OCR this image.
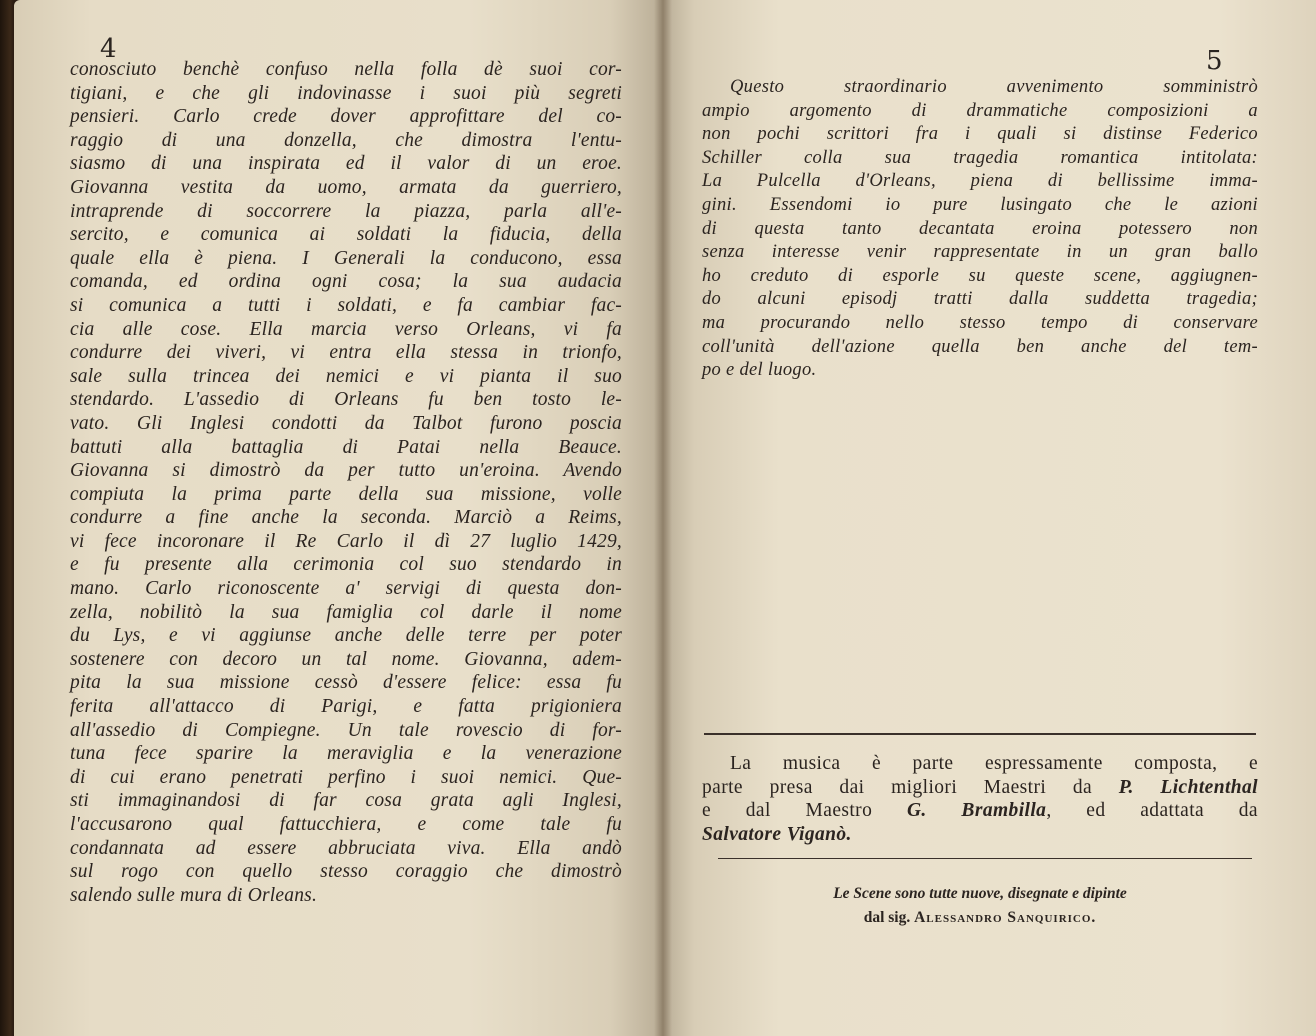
4
conosciuto benchè confuso nella folla dè suoi cor-
tigiani, e che gli indovinasse i suoi più segreti
pensieri. Carlo crede dover approfittare del co-
raggio di una donzella, che dimostra l'entu-
siasmo di una inspirata ed il valor di un eroe.
Giovanna vestita da uomo, armata da guerriero,
intraprende di soccorrere la piazza, parla all'e-
sercito, e comunica ai soldati la fiducia, della
quale ella è piena. I Generali la conducono, essa
comanda, ed ordina ogni cosa; la sua audacia
si comunica a tutti i soldati, e fa cambiar fac-
cia alle cose. Ella marcia verso Orleans, vi fa
condurre dei viveri, vi entra ella stessa in trionfo,
sale sulla trincea dei nemici e vi pianta il suo
stendardo. L'assedio di Orleans fu ben tosto le-
vato. Gli Inglesi condotti da Talbot furono poscia
battuti alla battaglia di Patai nella Beauce.
Giovanna si dimostrò da per tutto un'eroina. Avendo
compiuta la prima parte della sua missione, volle
condurre a fine anche la seconda. Marciò a Reims,
vi fece incoronare il Re Carlo il dì 27 luglio 1429,
e fu presente alla cerimonia col suo stendardo in
mano. Carlo riconoscente a' servigi di questa don-
zella, nobilitò la sua famiglia col darle il nome
du Lys, e vi aggiunse anche delle terre per poter
sostenere con decoro un tal nome. Giovanna, adem-
pita la sua missione cessò d'essere felice: essa fu
ferita all'attacco di Parigi, e fatta prigioniera
all'assedio di Compiegne. Un tale rovescio di for-
tuna fece sparire la meraviglia e la venerazione
di cui erano penetrati perfino i suoi nemici. Que-
sti immaginandosi di far cosa grata agli Inglesi,
l'accusarono qual fattucchiera, e come tale fu
condannata ad essere abbruciata viva. Ella andò
sul rogo con quello stesso coraggio che dimostrò
salendo sulle mura di Orleans.
5
Questo straordinario avvenimento somministrò
ampio argomento di drammatiche composizioni a
non pochi scrittori fra i quali si distinse Federico
Schiller colla sua tragedia romantica intitolata:
La Pulcella d'Orleans, piena di bellissime imma-
gini. Essendomi io pure lusingato che le azioni
di questa tanto decantata eroina potessero non
senza interesse venir rappresentate in un gran ballo
ho creduto di esporle su queste scene, aggiugnen-
do alcuni episodj tratti dalla suddetta tragedia;
ma procurando nello stesso tempo di conservare
coll'unità dell'azione quella ben anche del tem-
po e del luogo.
La musica è parte espressamente composta, e
parte presa dai migliori Maestri da P. Lichtenthal
e dal Maestro G. Brambilla, ed adattata da
Salvatore Viganò.
Le Scene sono tutte nuove, disegnate e dipinte
dal sig. Alessandro Sanquirico.
